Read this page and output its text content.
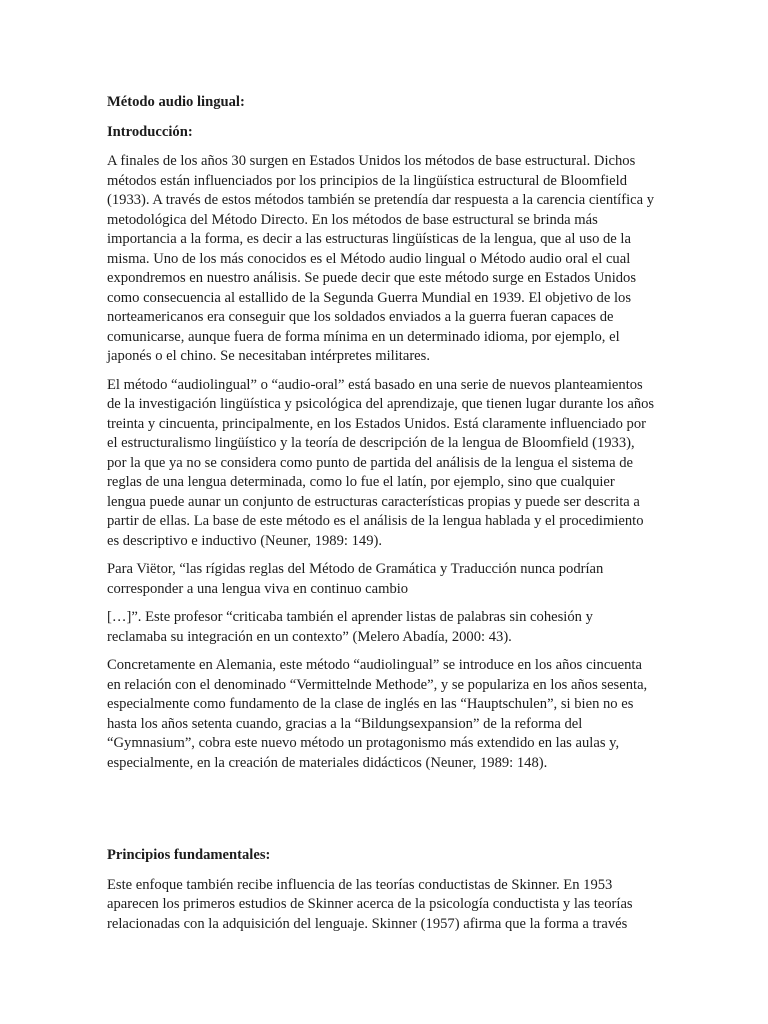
Método audio lingual:

Introducción:

A finales de los años 30 surgen en Estados Unidos los métodos de base estructural. Dichos métodos están influenciados por los principios de la lingüística estructural de Bloomfield (1933). A través de estos métodos también se pretendía dar respuesta a la carencia científica y metodológica del Método Directo. En los métodos de base estructural se brinda más importancia a la forma, es decir a las estructuras lingüísticas de la lengua, que al uso de la misma. Uno de los más conocidos es el Método audio lingual o Método audio oral el cual expondremos en nuestro análisis. Se puede decir que este método surge en Estados Unidos como consecuencia al estallido de la Segunda Guerra Mundial en 1939. El objetivo de los norteamericanos era conseguir que los soldados enviados a la guerra fueran capaces de comunicarse, aunque fuera de forma mínima en un determinado idioma, por ejemplo, el japonés o el chino. Se necesitaban intérpretes militares.

El método “audiolingual” o “audio-oral” está basado en una serie de nuevos planteamientos de la investigación lingüística y psicológica del aprendizaje, que tienen lugar durante los años treinta y cincuenta, principalmente, en los Estados Unidos. Está claramente influenciado por el estructuralismo lingüístico y la teoría de descripción de la lengua de Bloomfield (1933), por la que ya no se considera como punto de partida del análisis de la lengua el sistema de reglas de una lengua determinada, como lo fue el latín, por ejemplo, sino que cualquier lengua puede aunar un conjunto de estructuras características propias y puede ser descrita a partir de ellas. La base de este método es el análisis de la lengua hablada y el procedimiento es descriptivo e inductivo (Neuner, 1989: 149).

Para Viëtor, “las rígidas reglas del Método de Gramática y Traducción nunca podrían corresponder a una lengua viva en continuo cambio

[…]”. Este profesor “criticaba también el aprender listas de palabras sin cohesión y reclamaba su integración en un contexto” (Melero Abadía, 2000: 43).

Concretamente en Alemania, este método “audiolingual” se introduce en los años cincuenta en relación con el denominado “Vermittelnde Methode”, y se populariza en los años sesenta, especialmente como fundamento de la clase de inglés en las “Hauptschulen”, si bien no es hasta los años setenta cuando, gracias a la “Bildungsexpansion” de la reforma del “Gymnasium”, cobra este nuevo método un protagonismo más extendido en las aulas y, especialmente, en la creación de materiales didácticos (Neuner, 1989: 148).

Principios fundamentales:

Este enfoque también recibe influencia de las teorías conductistas de Skinner. En 1953 aparecen los primeros estudios de Skinner acerca de la psicología conductista y las teorías relacionadas con la adquisición del lenguaje. Skinner (1957) afirma que la forma a través
